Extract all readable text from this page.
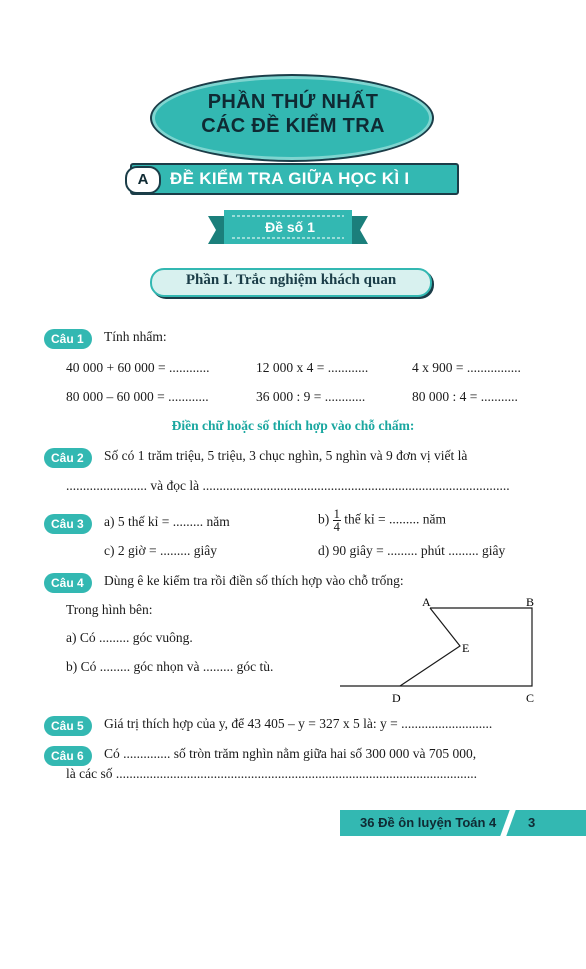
PHẦN THỨ NHẤT
CÁC ĐỀ KIỂM TRA
A	ĐỀ KIỂM TRA GIỮA HỌC KÌ I
Đề số 1
Phần I. Trắc nghiệm khách quan
Câu 1	Tính nhẩm:
40 000 + 60 000 = ............	12 000 x 4 = ............	4 x 900 = ................
80 000 – 60 000 = ............	36 000 : 9 = ............	80 000 : 4 = ...........
Điền chữ hoặc số thích hợp vào chỗ chấm:
Câu 2	Số có 1 trăm triệu, 5 triệu, 3 chục nghìn, 5 nghìn và 9 đơn vị viết là
........................ và đọc là ...........................................................................................
Câu 3	a) 5 thế kỉ = ......... năm	$b) \frac{1}{4}$ thế kỉ = ......... năm
c) 2 giờ = ......... giây	d) 90 giây = ......... phút ......... giây
Câu 4	Dùng ê ke kiểm tra rồi điền số thích hợp vào chỗ trống:
Trong hình bên:
a) Có ......... góc vuông.
b) Có ......... góc nhọn và ......... góc tù.
A	B
E
D	C
Câu 5	Giá trị thích hợp của y, để 43 405 – y = 327 x 5 là: y = ...........................
Câu 6	Có .............. số tròn trăm nghìn nằm giữa hai số 300 000 và 705 000,
là các số ...........................................................................................................
36 Đề ôn luyện Toán 4 3
